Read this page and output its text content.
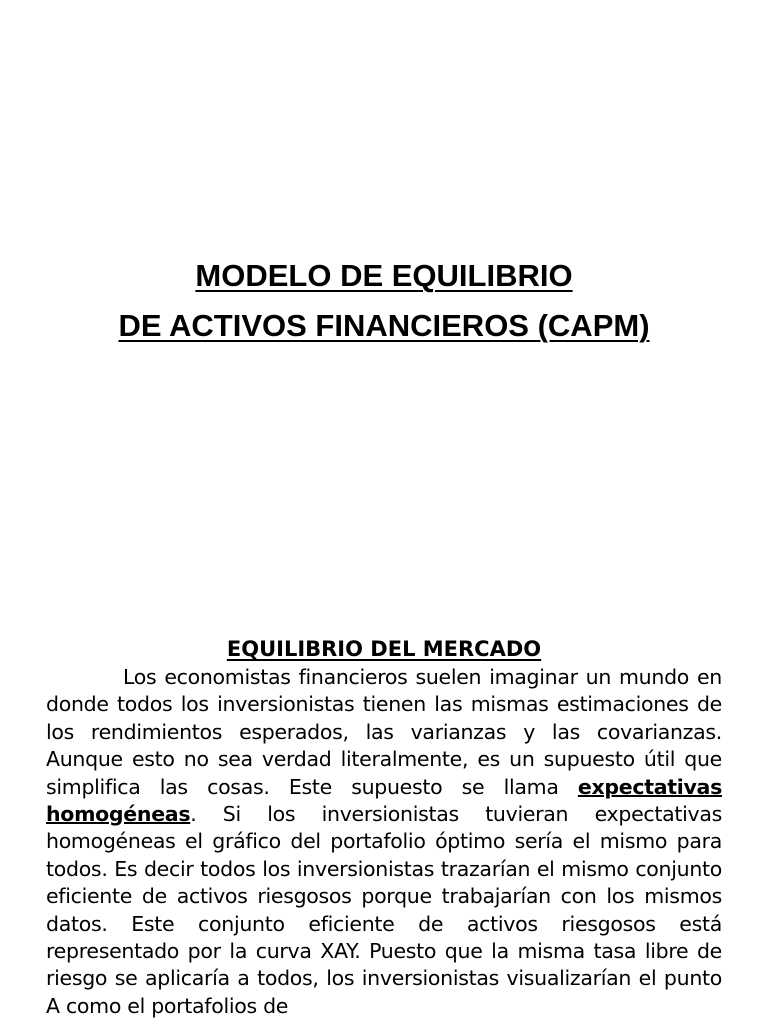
MODELO DE EQUILIBRIO
DE ACTIVOS FINANCIEROS (CAPM)
EQUILIBRIO DEL MERCADO

Los economistas financieros suelen imaginar un mundo en donde todos los inversionistas tienen las mismas estimaciones de los rendimientos esperados, las varianzas y las covarianzas. Aunque esto no sea verdad literalmente, es un supuesto útil que simplifica las cosas. Este supuesto se llama expectativas homogéneas. Si los inversionistas tuvieran expectativas homogéneas el gráfico del portafolio óptimo sería el mismo para todos. Es decir todos los inversionistas trazarían el mismo conjunto eficiente de activos riesgosos porque trabajarían con los mismos datos. Este conjunto eficiente de activos riesgosos está representado por la curva XAY. Puesto que la misma tasa libre de riesgo se aplicaría a todos, los inversionistas visualizarían el punto A como el portafolios de
